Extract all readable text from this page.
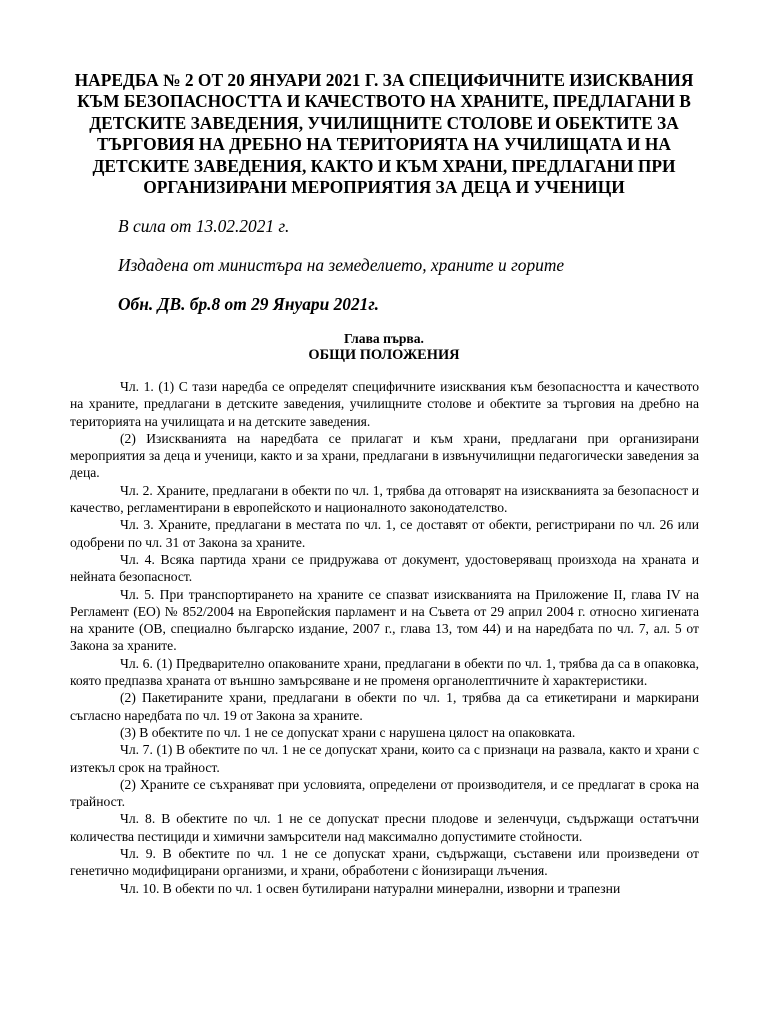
НАРЕДБА № 2 ОТ 20 ЯНУАРИ 2021 Г. ЗА СПЕЦИФИЧНИТЕ ИЗИСКВАНИЯ КЪМ БЕЗОПАСНОСТТА И КАЧЕСТВОТО НА ХРАНИТЕ, ПРЕДЛАГАНИ В ДЕТСКИТЕ ЗАВЕДЕНИЯ, УЧИЛИЩНИТЕ СТОЛОВЕ И ОБЕКТИТЕ ЗА ТЪРГОВИЯ НА ДРЕБНО НА ТЕРИТОРИЯТА НА УЧИЛИЩАТА И НА ДЕТСКИТЕ ЗАВЕДЕНИЯ, КАКТО И КЪМ ХРАНИ, ПРЕДЛАГАНИ ПРИ ОРГАНИЗИРАНИ МЕРОПРИЯТИЯ ЗА ДЕЦА И УЧЕНИЦИ

В сила от 13.02.2021 г.

Издадена от министъра на земеделието, храните и горите

Обн. ДВ. бр.8 от 29 Януари 2021г.

Глава първа.

ОБЩИ ПОЛОЖЕНИЯ

Чл. 1. (1) С тази наредба се определят специфичните изисквания към безопасността и качеството на храните, предлагани в детските заведения, училищните столове и обектите за търговия на дребно на територията на училищата и на детските заведения.

(2) Изискванията на наредбата се прилагат и към храни, предлагани при организирани мероприятия за деца и ученици, както и за храни, предлагани в извънучилищни педагогически заведения за деца.

Чл. 2. Храните, предлагани в обекти по чл. 1, трябва да отговарят на изискванията за безопасност и качество, регламентирани в европейското и националното законодателство.

Чл. 3. Храните, предлагани в местата по чл. 1, се доставят от обекти, регистрирани по чл. 26 или одобрени по чл. 31 от Закона за храните.

Чл. 4. Всяка партида храни се придружава от документ, удостоверяващ произхода на храната и нейната безопасност.

Чл. 5. При транспортирането на храните се спазват изискванията на Приложение II, глава IV на Регламент (ЕО) № 852/2004 на Европейския парламент и на Съвета от 29 април 2004 г. относно хигиената на храните (ОВ, специално българско издание, 2007 г., глава 13, том 44) и на наредбата по чл. 7, ал. 5 от Закона за храните.

Чл. 6. (1) Предварително опакованите храни, предлагани в обекти по чл. 1, трябва да са в опаковка, която предпазва храната от външно замърсяване и не променя органолептичните ѝ характеристики.

(2) Пакетираните храни, предлагани в обекти по чл. 1, трябва да са етикетирани и маркирани съгласно наредбата по чл. 19 от Закона за храните.

(3) В обектите по чл. 1 не се допускат храни с нарушена цялост на опаковката.

Чл. 7. (1) В обектите по чл. 1 не се допускат храни, които са с признаци на развала, както и храни с изтекъл срок на трайност.

(2) Храните се съхраняват при условията, определени от производителя, и се предлагат в срока на трайност.

Чл. 8. В обектите по чл. 1 не се допускат пресни плодове и зеленчуци, съдържащи остатъчни количества пестициди и химични замърсители над максимално допустимите стойности.

Чл. 9. В обектите по чл. 1 не се допускат храни, съдържащи, съставени или произведени от генетично модифицирани организми, и храни, обработени с йонизиращи лъчения.

Чл. 10. В обекти по чл. 1 освен бутилирани натурални минерални, изворни и трапезни
